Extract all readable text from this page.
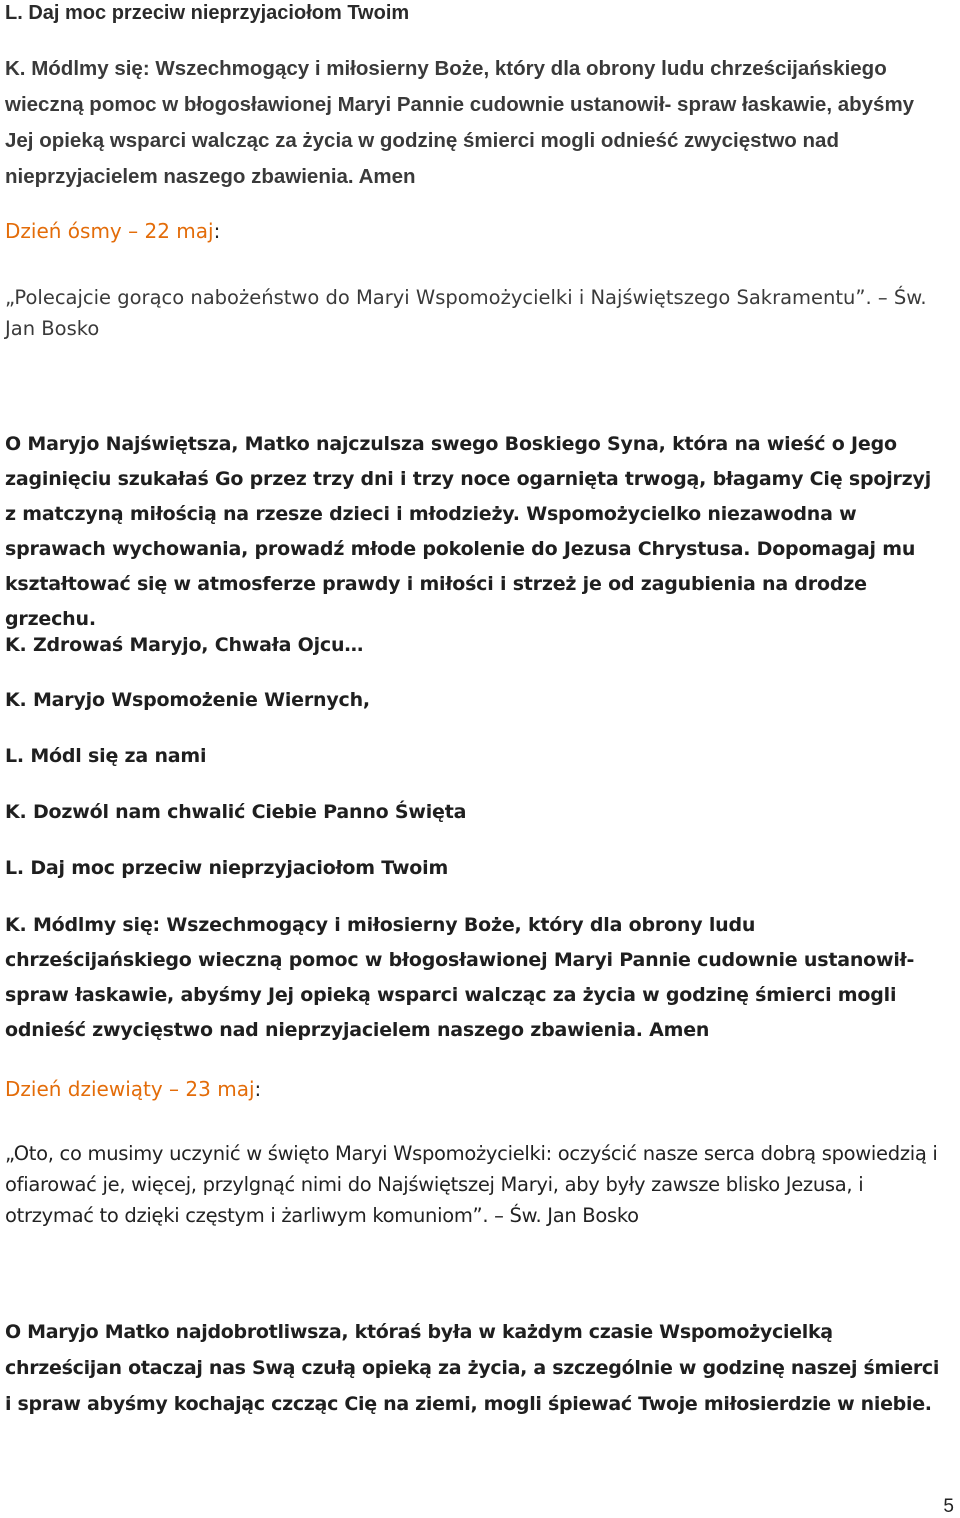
L. Daj moc przeciw nieprzyjaciołom Twoim

K. Módlmy się: Wszechmogący i miłosierny Boże, który dla obrony ludu chrześcijańskiego wieczną pomoc w błogosławionej Maryi Pannie cudownie ustanowił- spraw łaskawie, abyśmy Jej opieką wsparci walcząc za życia w godzinę śmierci mogli odnieść zwycięstwo nad nieprzyjacielem naszego zbawienia. Amen

Dzień ósmy – 22 maj:

„Polecajcie gorąco nabożeństwo do Maryi Wspomożycielki i Najświętszego Sakramentu”. – Św. Jan Bosko

O Maryjo Najświętsza, Matko najczulsza swego Boskiego Syna, która na wieść o Jego zaginięciu szukałaś Go przez trzy dni i trzy noce ogarnięta trwogą, błagamy Cię spojrzyj z matczyną miłością na rzesze dzieci i młodzieży. Wspomożycielko niezawodna w sprawach wychowania, prowadź młode pokolenie do Jezusa Chrystusa. Dopomagaj mu kształtować się w atmosferze prawdy i miłości i strzeż je od zagubienia na drodze grzechu.

K. Zdrowaś Maryjo, Chwała Ojcu…

K. Maryjo Wspomożenie Wiernych,

L. Módl się za nami

K. Dozwól nam chwalić Ciebie Panno Święta

L. Daj moc przeciw nieprzyjaciołom Twoim

K. Módlmy się: Wszechmogący i miłosierny Boże, który dla obrony ludu chrześcijańskiego wieczną pomoc w błogosławionej Maryi Pannie cudownie ustanowił- spraw łaskawie, abyśmy Jej opieką wsparci walcząc za życia w godzinę śmierci mogli odnieść zwycięstwo nad nieprzyjacielem naszego zbawienia. Amen

Dzień dziewiąty – 23 maj:

„Oto, co musimy uczynić w święto Maryi Wspomożycielki: oczyścić nasze serca dobrą spowiedzią i ofiarować je, więcej, przylgnąć nimi do Najświętszej Maryi, aby były zawsze blisko Jezusa, i otrzymać to dzięki częstym i żarliwym komuniom”. – Św. Jan Bosko

O Maryjo Matko najdobrotliwsza, któraś była w każdym czasie Wspomożycielką chrześcijan otaczaj nas Swą czułą opieką za życia, a szczególnie w godzinę naszej śmierci i spraw abyśmy kochając czcząc Cię na ziemi, mogli śpiewać Twoje miłosierdzie w niebie.

5
